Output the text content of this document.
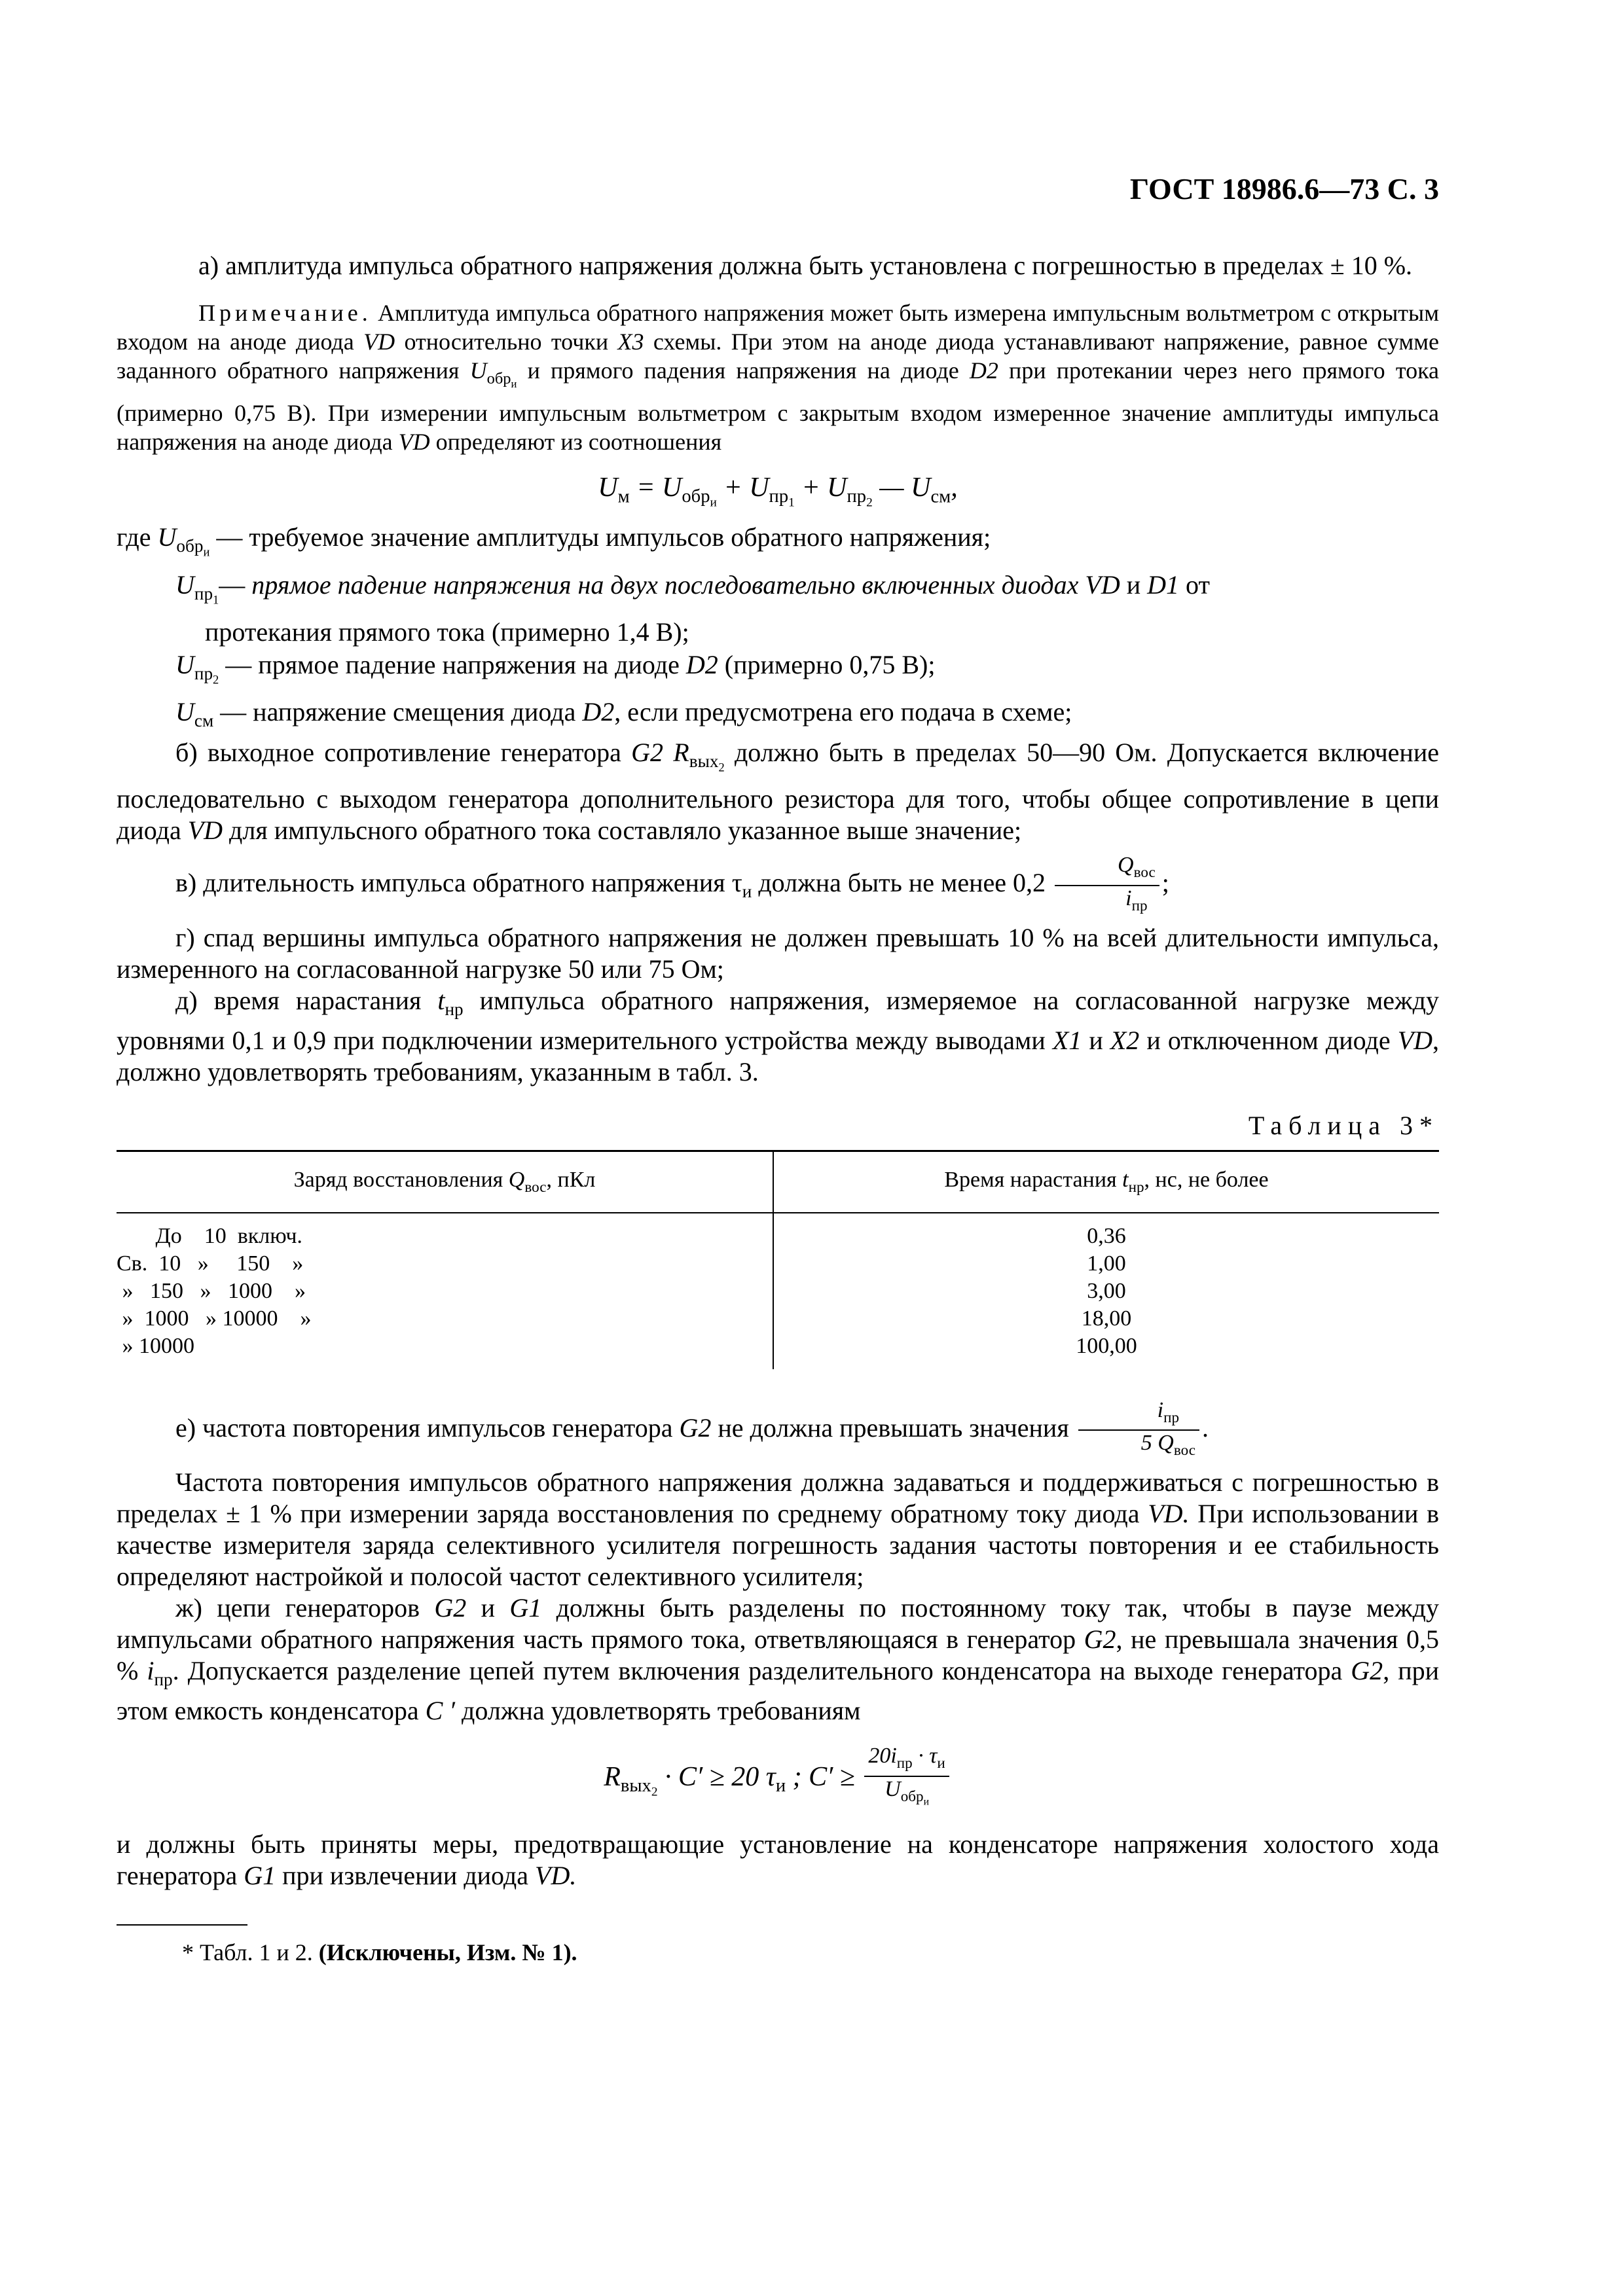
ГОСТ 18986.6—73 С. 3

а) амплитуда импульса обратного напряжения должна быть установлена с погрешностью в пределах ± 10 %.

Примечание. Амплитуда импульса обратного напряжения может быть измерена импульсным вольтметром с открытым входом на аноде диода VD относительно точки X3 схемы. При этом на аноде диода устанавливают напряжение, равное сумме заданного обратного напряжения $U_{обр_и}$ и прямого падения напряжения на диоде D2 при протекании через него прямого тока (примерно 0,75 В). При измерении импульсным вольтметром с закрытым входом измеренное значение амплитуды импульса напряжения на аноде диода VD определяют из соотношения

$U_м = U_{обр_и} + U_{пр_1} + U_{пр_2}$ — $U_{см}$,

где $U_{обр_и}$ — требуемое значение амплитуды импульсов обратного напряжения;

$U_{пр_1}—$ прямое падение напряжения на двух последовательно включенных диодах VD и D1 от

протекания прямого тока (примерно 1,4 В);

$U_{пр_2}$ — прямое падение напряжения на диоде D2 (примерно 0,75 В);

$U_{см}$ — напряжение смещения диода D2, если предусмотрена его подача в схеме;

б) выходное сопротивление генератора G2 $R_{вых_2}$ должно быть в пределах 50—90 Ом. Допускается включение последовательно с выходом генератора дополнительного резистора для того, чтобы общее сопротивление в цепи диода VD для импульсного обратного тока составляло указанное выше значение;

в) длительность импульса обратного напряжения $\tau_и$ должна быть не менее $0,2 \frac{Q_{вос}}{i_{пр}}$ ;

г) спад вершины импульса обратного напряжения не должен превышать 10 % на всей длительности импульса, измеренного на согласованной нагрузке 50 или 75 Ом;

д) время нарастания $t_{нр}$ импульса обратного напряжения, измеряемое на согласованной нагрузке между уровнями 0,1 и 0,9 при подключении измерительного устройства между выводами X1 и X2 и отключенном диоде VD, должно удовлетворять требованиям, указанным в табл. 3.

Таблица 3*

Заряд восстановления $Q_{вос}$, пКл	Время нарастания $t_{нр}$, нс, не более
До    10  включ.	0,36
Св.  10   »     150    »	1,00
»   150   »   1000    »	3,00
»  1000   » 10000    »	18,00
» 10000	100,00

е) частота повторения импульсов генератора G2 не должна превышать значения $\frac{i_{пр}}{5 Q_{вос}}$ .

Частота повторения импульсов обратного напряжения должна задаваться и поддерживаться с погрешностью в пределах ± 1 % при измерении заряда восстановления по среднему обратному току диода VD. При использовании в качестве измерителя заряда селективного усилителя погрешность задания частоты повторения и ее стабильность определяют настройкой и полосой частот селективного усилителя;

ж) цепи генераторов G2 и G1 должны быть разделены по постоянному току так, чтобы в паузе между импульсами обратного напряжения часть прямого тока, ответвляющаяся в генератор G2, не превышала значения 0,5 % $i_{пр}$. Допускается разделение цепей путем включения разделительного конденсатора на выходе генератора G2, при этом емкость конденсатора C ′ должна удовлетворять требованиям

$R_{вых_2} \cdot C' \ge 20$ $\tau_и$ ; $C' \ge \frac{20i_{пр} \cdot \tau_и}{U_{обр_и}}$

и должны быть приняты меры, предотвращающие установление на конденсаторе напряжения холостого хода генератора G1 при извлечении диода VD.

* Табл. 1 и 2. (Исключены, Изм. № 1).
